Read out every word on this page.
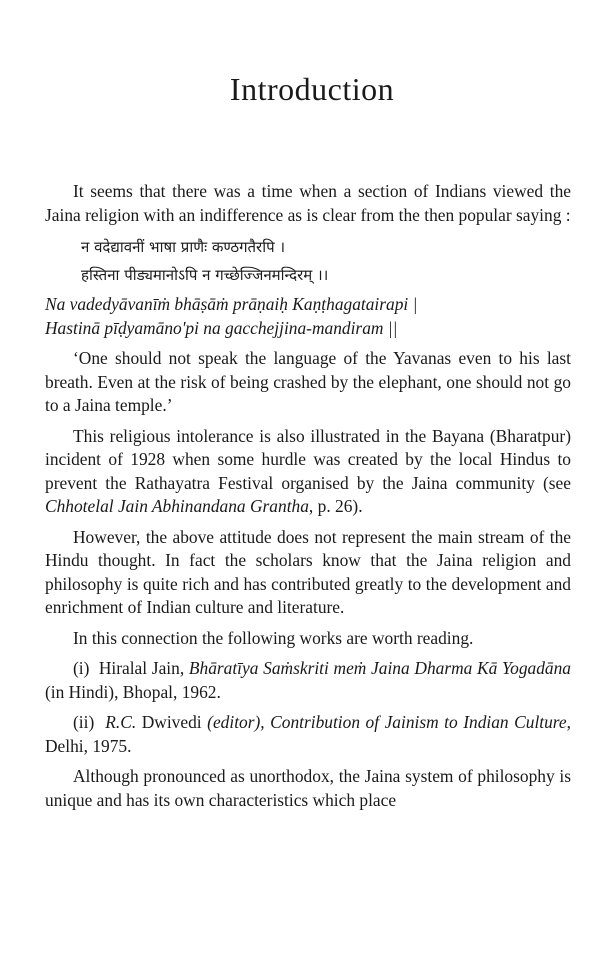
Introduction

It seems that there was a time when a section of Indians viewed the Jaina religion with an indifference as is clear from the then popular saying :

न वदेद्यावनीं भाषा प्राणैः कण्ठगतैरपि ।
हस्तिना पीड्यमानोऽपि न गच्छेज्जिनमन्दिरम् ।।
Na vadedyāvanīṁ bhāṣāṁ prāṇaiḥ Kaṇṭhagatairapi |
Hastinā pīḍyamāno'pi na gacchejjina-mandiram ||

‘One should not speak the language of the Yavanas even to his last breath. Even at the risk of being crashed by the elephant, one should not go to a Jaina temple.’

This religious intolerance is also illustrated in the Bayana (Bharatpur) incident of 1928 when some hurdle was created by the local Hindus to prevent the Rathayatra Festival organised by the Jaina community (see Chhotelal Jain Abhinandana Grantha, p. 26).

However, the above attitude does not represent the main stream of the Hindu thought. In fact the scholars know that the Jaina religion and philosophy is quite rich and has contributed greatly to the development and enrichment of Indian culture and literature.

In this connection the following works are worth reading.

(i) Hiralal Jain, Bhāratīya Saṁskriti meṁ Jaina Dharma Kā Yogadāna (in Hindi), Bhopal, 1962.

(ii) R.C. Dwivedi (editor), Contribution of Jainism to Indian Culture, Delhi, 1975.

Although pronounced as unorthodox, the Jaina system of philosophy is unique and has its own characteristics which place
